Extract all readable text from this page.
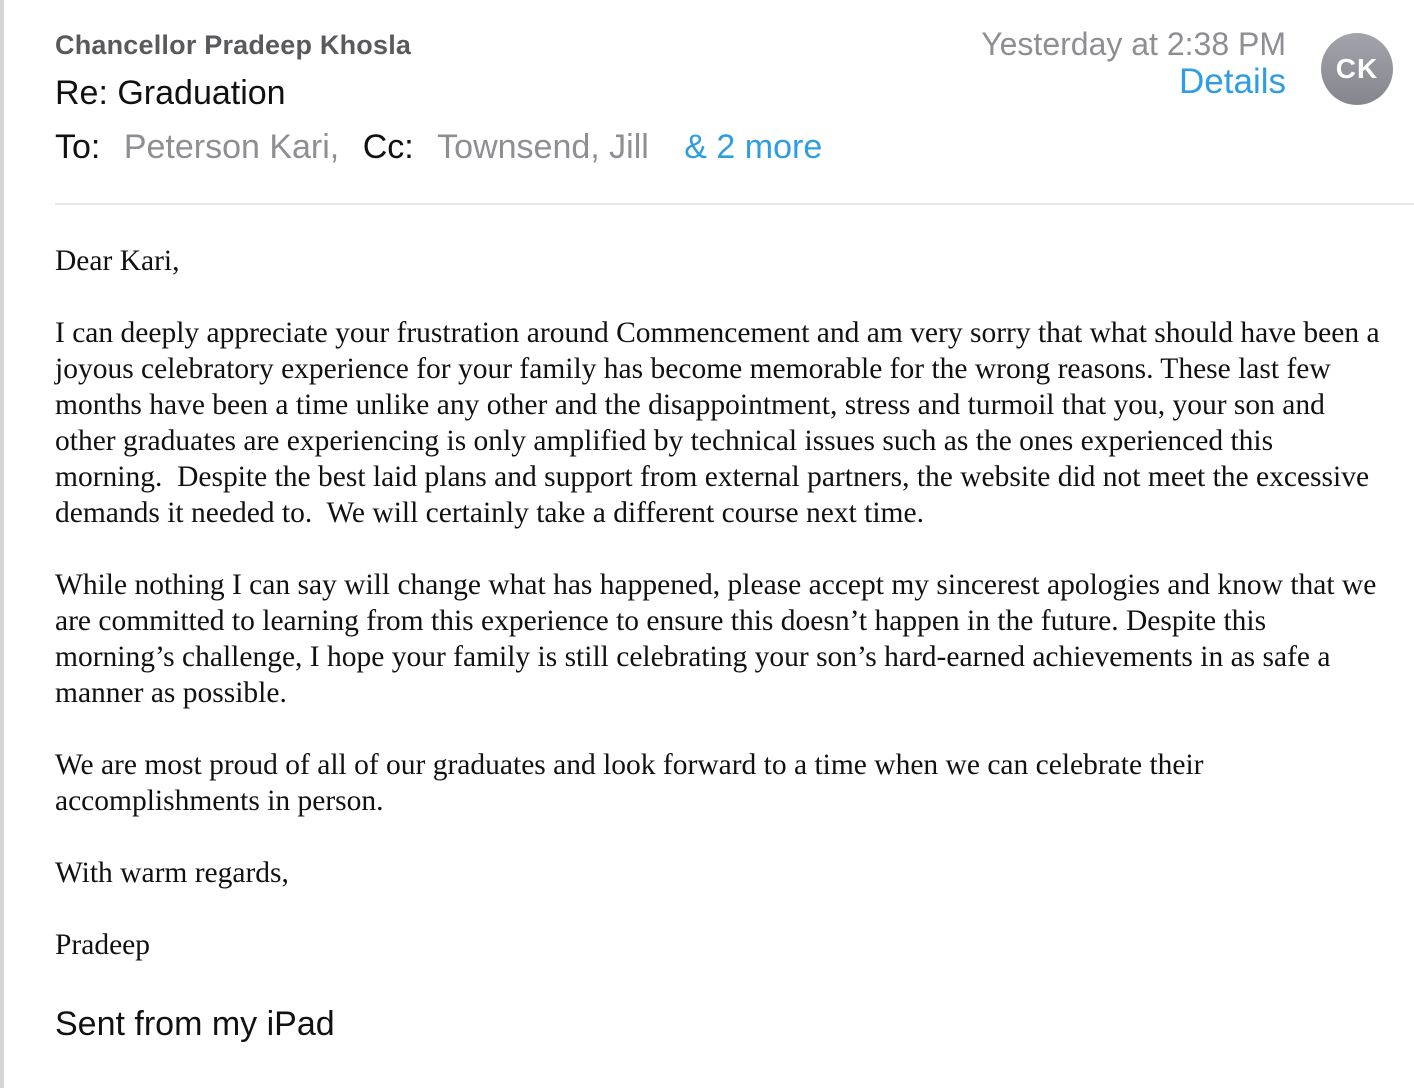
Chancellor Pradeep Khosla
Re: Graduation
To: Peterson Kari, Cc: Townsend, Jill & 2 more
Yesterday at 2:38 PM
Details	CK

Dear Kari,

I can deeply appreciate your frustration around Commencement and am very sorry that what should have been a joyous celebratory experience for your family has become memorable for the wrong reasons. These last few months have been a time unlike any other and the disappointment, stress and turmoil that you, your son and other graduates are experiencing is only amplified by technical issues such as the ones experienced this morning.  Despite the best laid plans and support from external partners, the website did not meet the excessive demands it needed to.  We will certainly take a different course next time.

While nothing I can say will change what has happened, please accept my sincerest apologies and know that we are committed to learning from this experience to ensure this doesn’t happen in the future. Despite this morning’s challenge, I hope your family is still celebrating your son’s hard-earned achievements in as safe a manner as possible.

We are most proud of all of our graduates and look forward to a time when we can celebrate their accomplishments in person.

With warm regards,

Pradeep

Sent from my iPad
